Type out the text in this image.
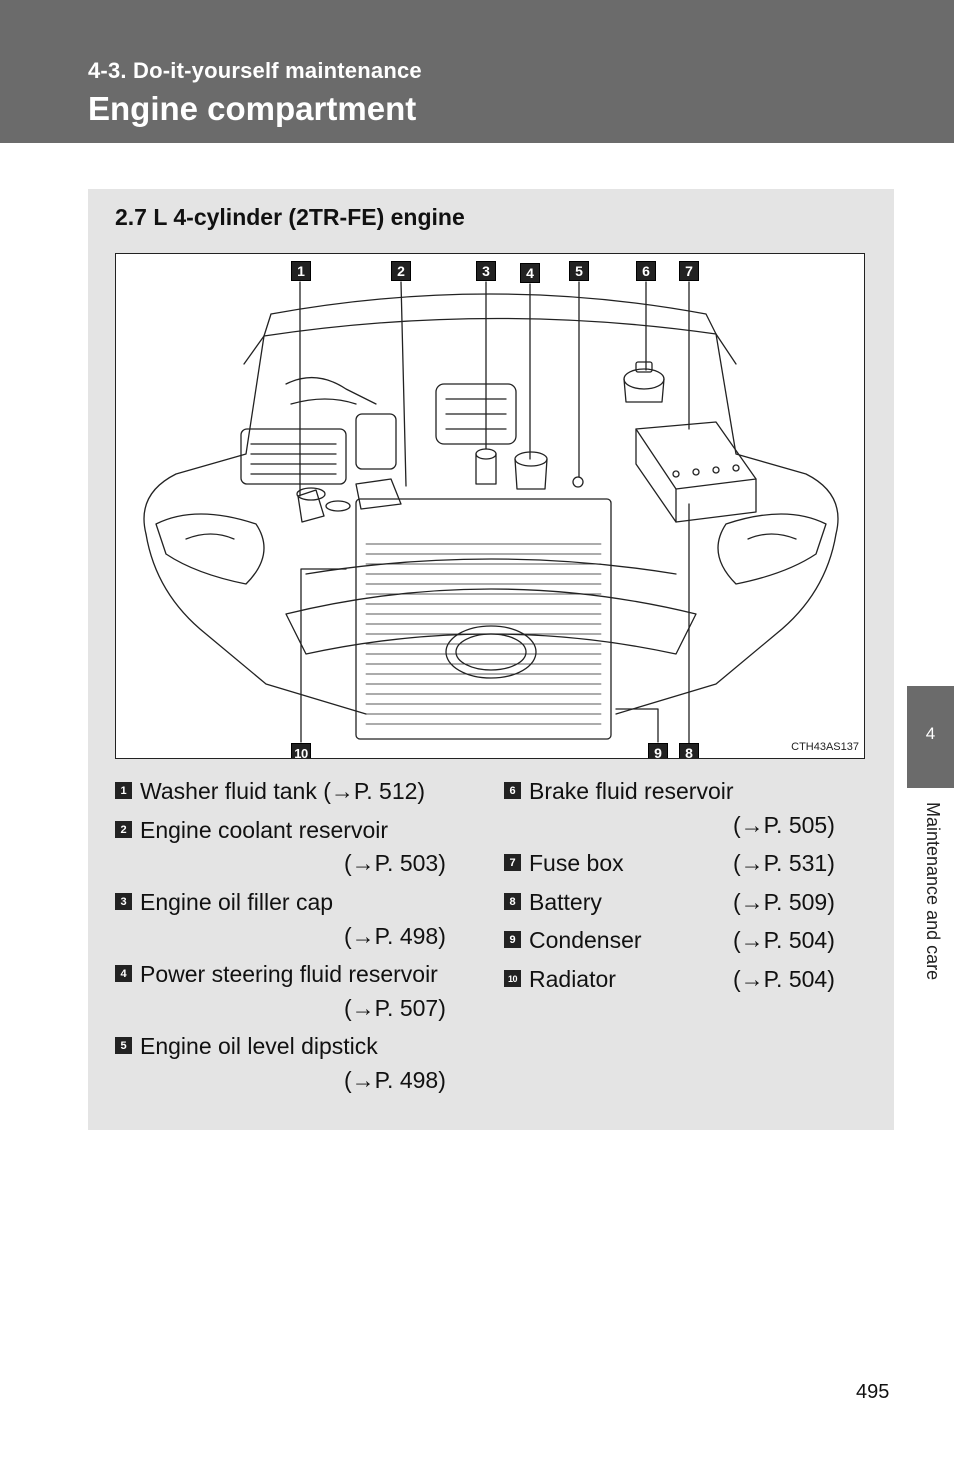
4-3. Do-it-yourself maintenance
Engine compartment
2.7 L 4-cylinder (2TR-FE) engine
1	2	3	4	5	6	7
10	9	8	CTH43AS137
1 Washer fluid tank (→P. 512)
2 Engine coolant reservoir
(→P. 503)
3 Engine oil filler cap
(→P. 498)
4 Power steering fluid reservoir
(→P. 507)
5 Engine oil level dipstick
(→P. 498)
6 Brake fluid reservoir
(→P. 505)
7 Fuse box	(→P. 531)
8 Battery	(→P. 509)
9 Condenser	(→P. 504)
10 Radiator	(→P. 504)
4
Maintenance and care
495
